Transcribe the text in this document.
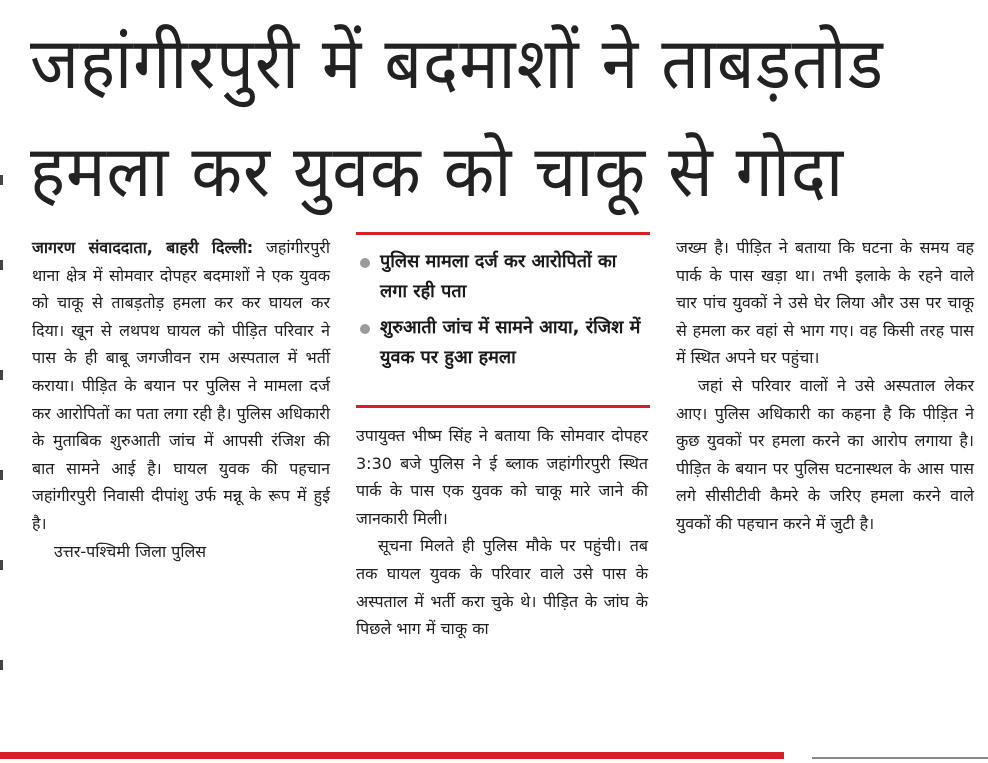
जहांगीरपुरी में बदमाशों ने ताबड़तोड
हमला कर युवक को चाकू से गोदा

जागरण संवाददाता, बाहरी दिल्ली: जहांगीरपुरी थाना क्षेत्र में सोमवार दोपहर बदमाशों ने एक युवक को चाकू से ताबड़तोड़ हमला कर कर घायल कर दिया। खून से लथपथ घायल को पीड़ित परिवार ने पास के ही बाबू जगजीवन राम अस्पताल में भर्ती कराया। पीड़ित के बयान पर पुलिस ने मामला दर्ज कर आरोपितों का पता लगा रही है। पुलिस अधिकारी के मुताबिक शुरुआती जांच में आपसी रंजिश की बात सामने आई है। घायल युवक की पहचान जहांगीरपुरी निवासी दीपांशु उर्फ मन्नू के रूप में हुई है।

उत्तर-पश्चिमी जिला पुलिस

पुलिस मामला दर्ज कर आरोपितों का लगा रही पता
शुरुआती जांच में सामने आया, रंजिश में युवक पर हुआ हमला

उपायुक्त भीष्म सिंह ने बताया कि सोमवार दोपहर 3:30 बजे पुलिस ने ई ब्लाक जहांगीरपुरी स्थित पार्क के पास एक युवक को चाकू मारे जाने की जानकारी मिली।

सूचना मिलते ही पुलिस मौके पर पहुंची। तब तक घायल युवक के परिवार वाले उसे पास के अस्पताल में भर्ती करा चुके थे। पीड़ित के जांघ के पिछले भाग में चाकू का

जख्म है। पीड़ित ने बताया कि घटना के समय वह पार्क के पास खड़ा था। तभी इलाके के रहने वाले चार पांच युवकों ने उसे घेर लिया और उस पर चाकू से हमला कर वहां से भाग गए। वह किसी तरह पास में स्थित अपने घर पहुंचा।

जहां से परिवार वालों ने उसे अस्पताल लेकर आए। पुलिस अधिकारी का कहना है कि पीड़ित ने कुछ युवकों पर हमला करने का आरोप लगाया है। पीड़ित के बयान पर पुलिस घटनास्थल के आस पास लगे सीसीटीवी कैमरे के जरिए हमला करने वाले युवकों की पहचान करने में जुटी है।
